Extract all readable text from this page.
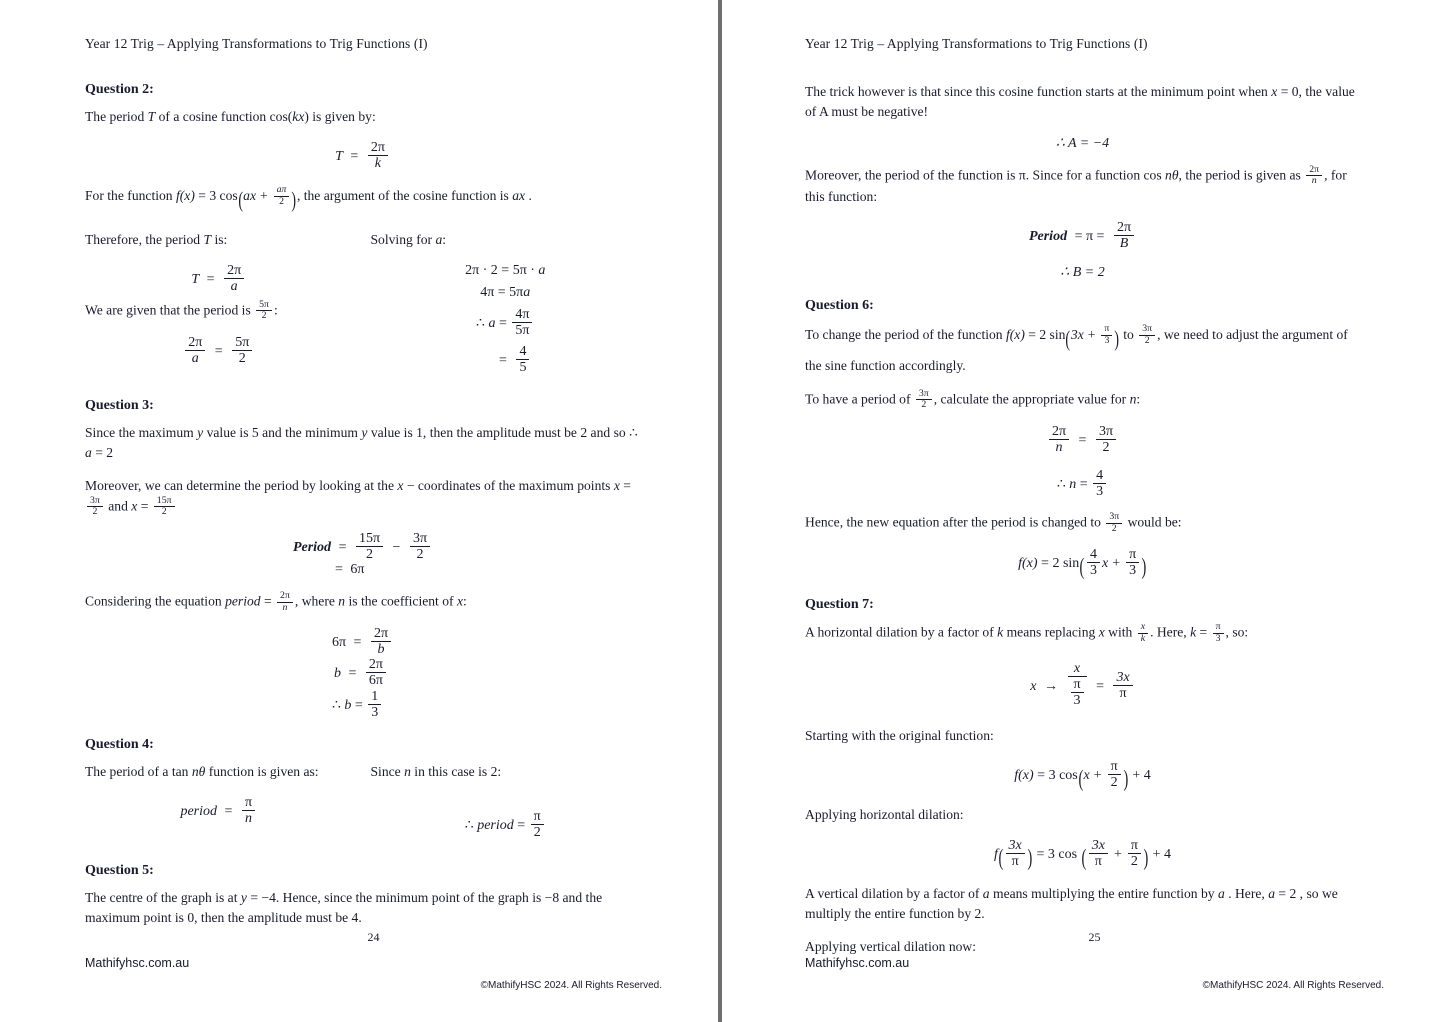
Year 12 Trig – Applying Transformations to Trig Functions (I)
Question 2:

The period T of a cosine function cos(kx) is given by:

$T = \frac{2\pi}{k}$

For the function f(x) = 3 $\cos(ax + \frac{a\pi}{2}$ ), the argument of the cosine function is ax .

Therefore, the period T is:

$T = \frac{2\pi}{a}$

We are given that the period is $\frac{5\pi}{2}$ :

$\frac{2\pi}{a} = \frac{5\pi}{2}$

Solving for a:

2π · 2 = 5π · a
4π = 5πa
∴ $a = \frac{4\pi}{5\pi}$
= $\frac{4}{5}$
Question 3:

Since the maximum y value is 5 and the minimum y value is 1, then the amplitude must be 2 and so ∴ a = 2

Moreover, we can determine the period by looking at the x − coordinates of the maximum points x =
$\frac{3\pi}{2}$ and $x = \frac{15\pi}{2}$

Period = $\frac{15\pi}{2} - \frac{3\pi}{2}$
= 6π

Considering the equation period = $\frac{2\pi}{n}$ , where n is the coefficient of x:

$6\pi = \frac{2\pi}{b}$
$b = \frac{2\pi}{6\pi}$
∴ $b = \frac{1}{3}$
Question 4:

The period of a tan nθ function is given as:

period = $\frac{\pi}{n}$

Since n in this case is 2:

∴ period = $\frac{\pi}{2}$
Question 5:

The centre of the graph is at y = −4. Hence, since the minimum point of the graph is −8 and the maximum point is 0, then the amplitude must be 4.

24
Mathifyhsc.com.au
©MathifyHSC 2024. All Rights Reserved.
Year 12 Trig – Applying Transformations to Trig Functions (I)

The trick however is that since this cosine function starts at the minimum point when x = 0, the value of A must be negative!

∴ A = −4

Moreover, the period of the function is π. Since for a function cos nθ, the period is given as $\frac{2\pi}{n}$ , for this function:

Period = $\pi = \frac{2\pi}{B}$
∴ B = 2
Question 6:

To change the period of the function f(x) = 2 $\sin(3x + \frac{\pi}{3}$ ) to $\frac{3\pi}{2}$ , we need to adjust the argument of the sine function accordingly.

To have a period of $\frac{3\pi}{2}$ , calculate the appropriate value for n:

$\frac{2\pi}{n} = \frac{3\pi}{2}$
∴ $n = \frac{4}{3}$

Hence, the new equation after the period is changed to $\frac{3\pi}{2}$ would be:

f(x) = 2 $\sin( \frac{4}{3}$ $x + \frac{\pi}{3}$ )
Question 7:

A horizontal dilation by a factor of k means replacing x with $\frac{x}{k}$ . Here, $k = \frac{\pi}{3}$ , so:

$x \to \frac{x}{\frac{\pi}{3}} = \frac{3x}{\pi}$

Starting with the original function:

f(x) = 3 $\cos(x + \frac{\pi}{2}$ ) + 4

Applying horizontal dilation:

$f( \frac{3x}{\pi}$ ) = 3 cos ( $\frac{3x}{\pi} + \frac{\pi}{2}$ ) + 4

A vertical dilation by a factor of a means multiplying the entire function by a . Here, a = 2 , so we multiply the entire function by 2.

Applying vertical dilation now:

25
Mathifyhsc.com.au
©MathifyHSC 2024. All Rights Reserved.
